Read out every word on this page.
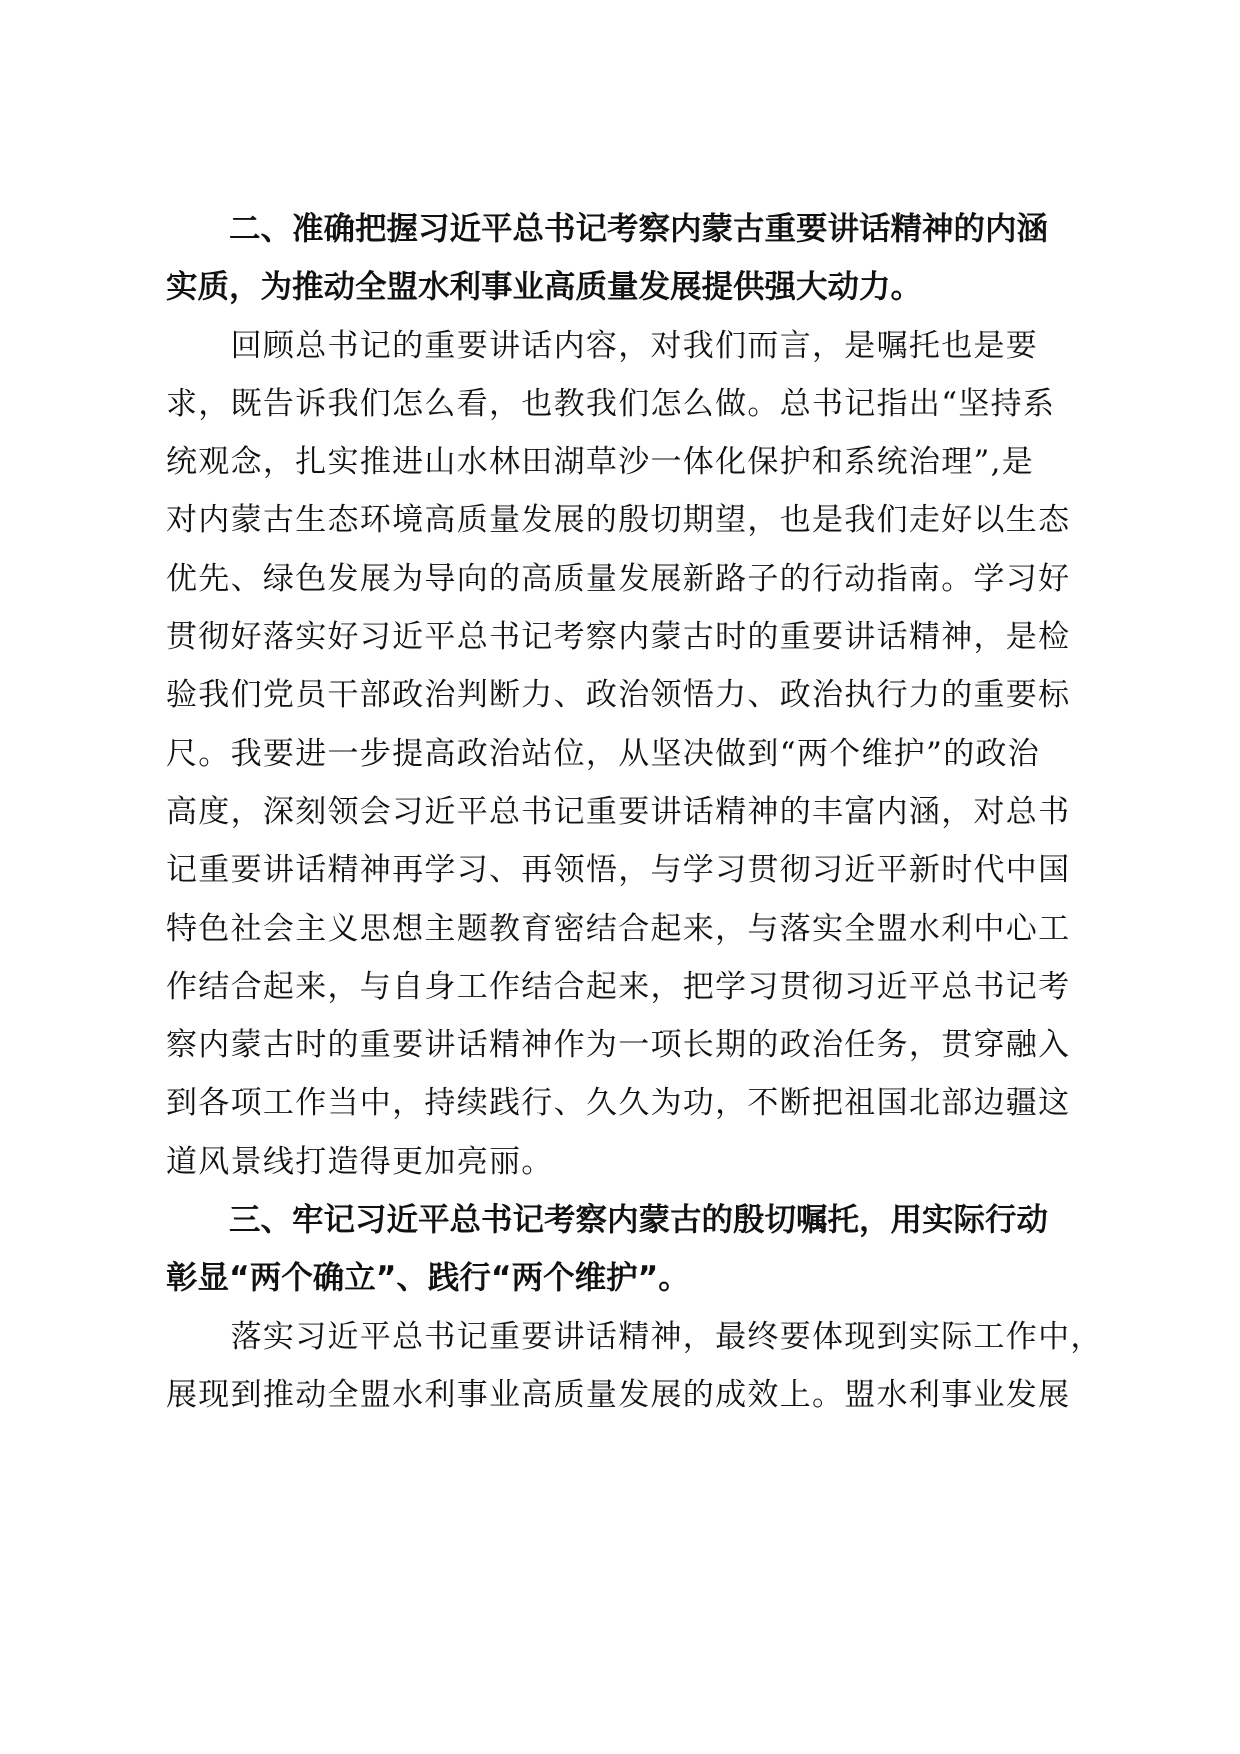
　　二、准确把握习近平总书记考察内蒙古重要讲话精神的内涵
实质，为推动全盟水利事业高质量发展提供强大动力。
　　回顾总书记的重要讲话内容，对我们而言，是嘱托也是要
求，既告诉我们怎么看，也教我们怎么做。总书记指出“坚持系
统观念，扎实推进山水林田湖草沙一体化保护和系统治理”,是
对内蒙古生态环境高质量发展的殷切期望，也是我们走好以生态
优先、绿色发展为导向的高质量发展新路子的行动指南。学习好
贯彻好落实好习近平总书记考察内蒙古时的重要讲话精神，是检
验我们党员干部政治判断力、政治领悟力、政治执行力的重要标
尺。我要进一步提高政治站位，从坚决做到“两个维护”的政治
高度，深刻领会习近平总书记重要讲话精神的丰富内涵，对总书
记重要讲话精神再学习、再领悟，与学习贯彻习近平新时代中国
特色社会主义思想主题教育密结合起来，与落实全盟水利中心工
作结合起来，与自身工作结合起来，把学习贯彻习近平总书记考
察内蒙古时的重要讲话精神作为一项长期的政治任务，贯穿融入
到各项工作当中，持续践行、久久为功，不断把祖国北部边疆这
道风景线打造得更加亮丽。
　　三、牢记习近平总书记考察内蒙古的殷切嘱托，用实际行动
彰显“两个确立”、践行“两个维护”。
　　落实习近平总书记重要讲话精神，最终要体现到实际工作中，
展现到推动全盟水利事业高质量发展的成效上。盟水利事业发展
